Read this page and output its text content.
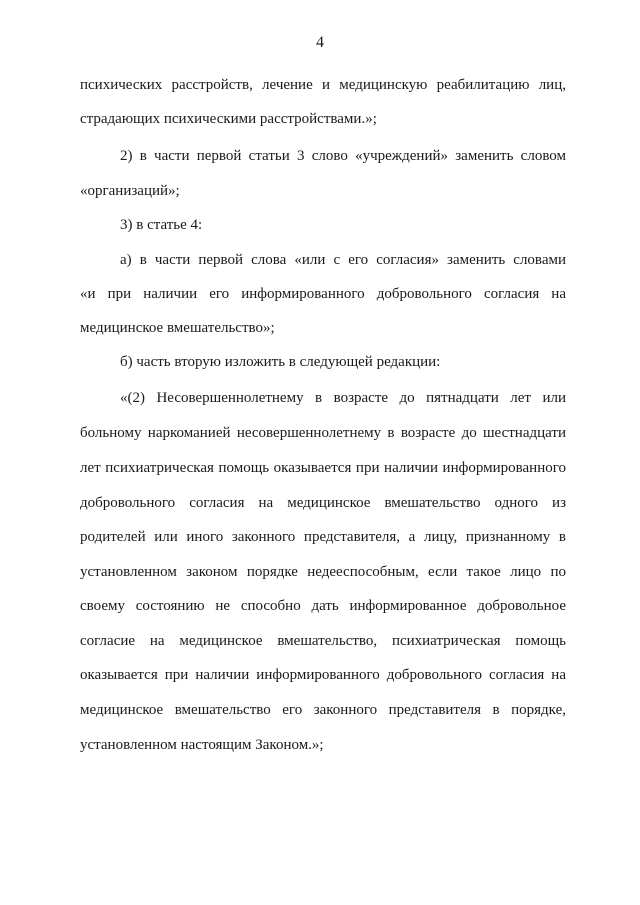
4
психических расстройств, лечение и медицинскую реабилитацию лиц,
страдающих психическими расстройствами.»;
2) в части первой статьи 3 слово «учреждений» заменить словом
«организаций»;
3) в статье 4:
а) в части первой слова «или с его согласия» заменить словами
«и при наличии его информированного добровольного согласия на
медицинское вмешательство»;
б) часть вторую изложить в следующей редакции:
«(2) Несовершеннолетнему в возрасте до пятнадцати лет или
больному наркоманией несовершеннолетнему в возрасте до шестнадцати
лет психиатрическая помощь оказывается при наличии информированного
добровольного согласия на медицинское вмешательство одного из
родителей или иного законного представителя, а лицу, признанному в
установленном законом порядке недееспособным, если такое лицо по
своему состоянию не способно дать информированное добровольное
согласие на медицинское вмешательство, психиатрическая помощь
оказывается при наличии информированного добровольного согласия на
медицинское вмешательство его законного представителя в порядке,
установленном настоящим Законом.»;
